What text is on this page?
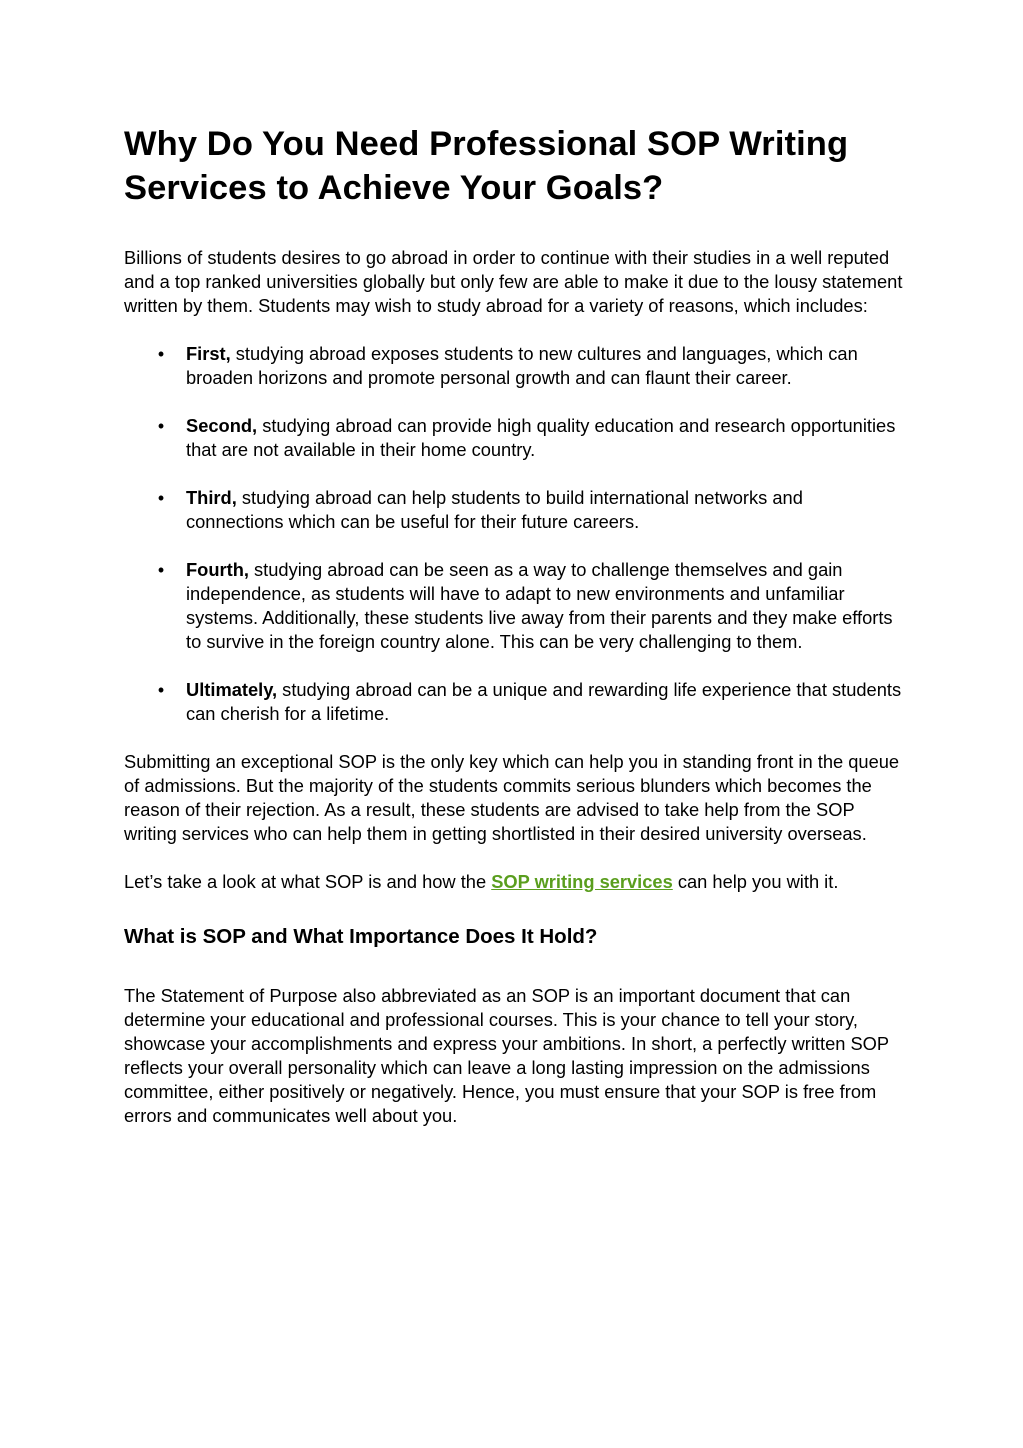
Why Do You Need Professional SOP Writing Services to Achieve Your Goals?

Billions of students desires to go abroad in order to continue with their studies in a well reputed and a top ranked universities globally but only few are able to make it due to the lousy statement written by them. Students may wish to study abroad for a variety of reasons, which includes:

• First, studying abroad exposes students to new cultures and languages, which can broaden horizons and promote personal growth and can flaunt their career.
• Second, studying abroad can provide high quality education and research opportunities that are not available in their home country.
• Third, studying abroad can help students to build international networks and connections which can be useful for their future careers.
• Fourth, studying abroad can be seen as a way to challenge themselves and gain independence, as students will have to adapt to new environments and unfamiliar systems. Additionally, these students live away from their parents and they make efforts to survive in the foreign country alone. This can be very challenging to them.
• Ultimately, studying abroad can be a unique and rewarding life experience that students can cherish for a lifetime.

Submitting an exceptional SOP is the only key which can help you in standing front in the queue of admissions. But the majority of the students commits serious blunders which becomes the reason of their rejection. As a result, these students are advised to take help from the SOP writing services who can help them in getting shortlisted in their desired university overseas.

Let’s take a look at what SOP is and how the SOP writing services can help you with it.

What is SOP and What Importance Does It Hold?

The Statement of Purpose also abbreviated as an SOP is an important document that can determine your educational and professional courses. This is your chance to tell your story, showcase your accomplishments and express your ambitions. In short, a perfectly written SOP reflects your overall personality which can leave a long lasting impression on the admissions committee, either positively or negatively. Hence, you must ensure that your SOP is free from errors and communicates well about you.
